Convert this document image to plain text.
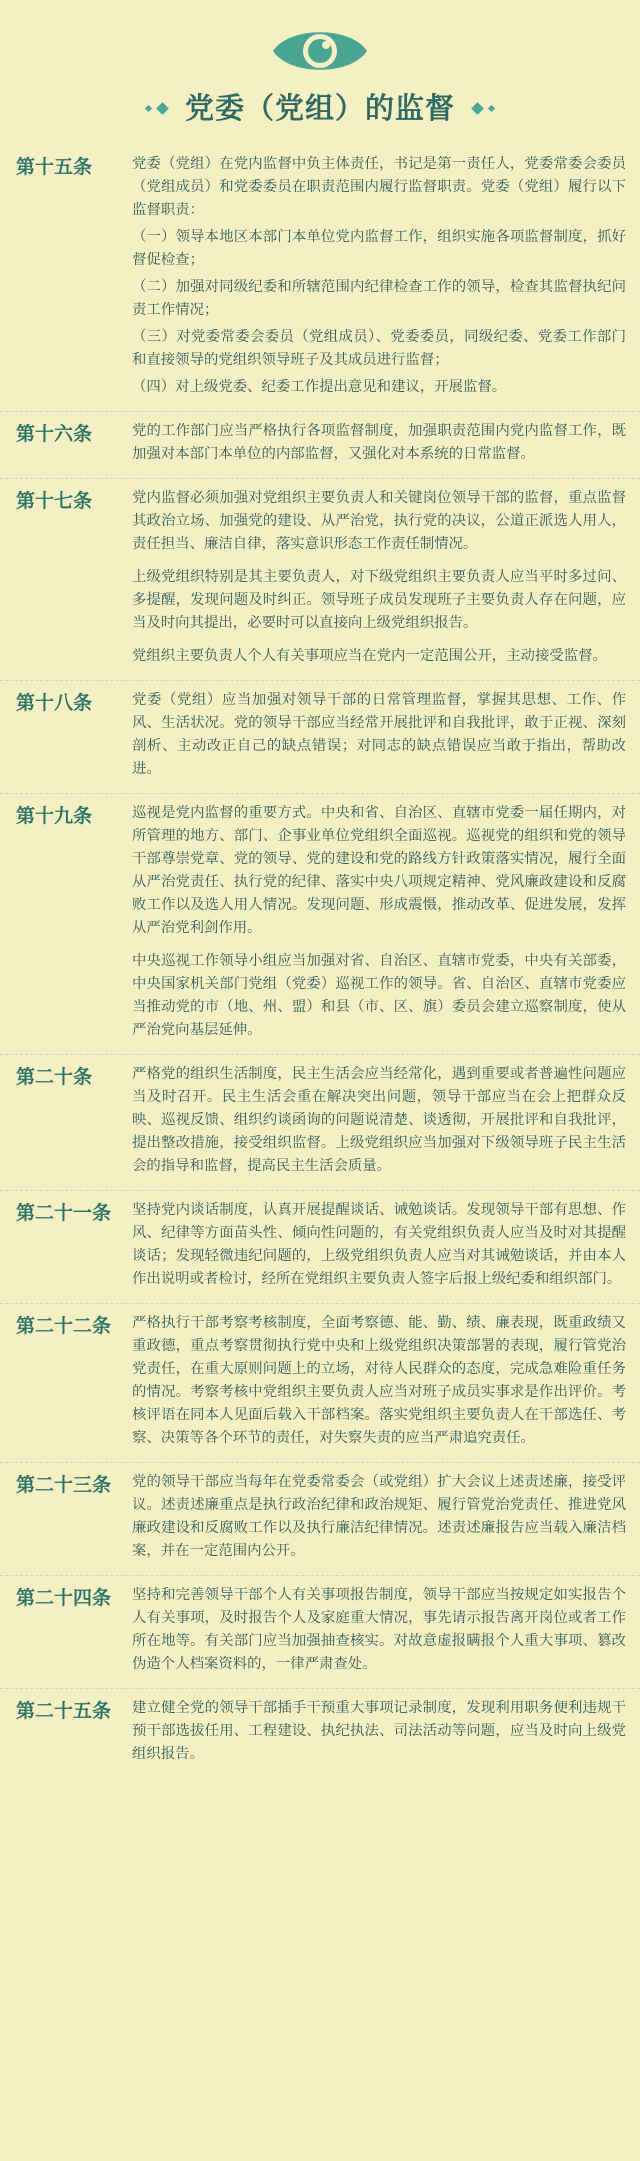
党委（党组）的监督
第十五条	党委（党组）在党内监督中负主体责任，书记是第一责任人，党委常委会委员（党组成员）和党委委员在职责范围内履行监督职责。党委（党组）履行以下监督职责：

（一）领导本地区本部门本单位党内监督工作，组织实施各项监督制度，抓好督促检查；

（二）加强对同级纪委和所辖范围内纪律检查工作的领导，检查其监督执纪问责工作情况；

（三）对党委常委会委员（党组成员）、党委委员，同级纪委、党委工作部门和直接领导的党组织领导班子及其成员进行监督；

（四）对上级党委、纪委工作提出意见和建议，开展监督。

第十六条	党的工作部门应当严格执行各项监督制度，加强职责范围内党内监督工作，既加强对本部门本单位的内部监督，又强化对本系统的日常监督。

第十七条	党内监督必须加强对党组织主要负责人和关键岗位领导干部的监督，重点监督其政治立场、加强党的建设、从严治党，执行党的决议，公道正派选人用人，责任担当、廉洁自律，落实意识形态工作责任制情况。

上级党组织特别是其主要负责人，对下级党组织主要负责人应当平时多过问、多提醒，发现问题及时纠正。领导班子成员发现班子主要负责人存在问题，应当及时向其提出，必要时可以直接向上级党组织报告。

党组织主要负责人个人有关事项应当在党内一定范围公开，主动接受监督。

第十八条	党委（党组）应当加强对领导干部的日常管理监督，掌握其思想、工作、作风、生活状况。党的领导干部应当经常开展批评和自我批评，敢于正视、深刻剖析、主动改正自己的缺点错误；对同志的缺点错误应当敢于指出，帮助改进。

第十九条	巡视是党内监督的重要方式。中央和省、自治区、直辖市党委一届任期内，对所管理的地方、部门、企事业单位党组织全面巡视。巡视党的组织和党的领导干部尊崇党章、党的领导、党的建设和党的路线方针政策落实情况，履行全面从严治党责任、执行党的纪律、落实中央八项规定精神、党风廉政建设和反腐败工作以及选人用人情况。发现问题、形成震慑，推动改革、促进发展，发挥从严治党利剑作用。

中央巡视工作领导小组应当加强对省、自治区、直辖市党委，中央有关部委，中央国家机关部门党组（党委）巡视工作的领导。省、自治区、直辖市党委应当推动党的市（地、州、盟）和县（市、区、旗）委员会建立巡察制度，使从严治党向基层延伸。

第二十条	严格党的组织生活制度，民主生活会应当经常化，遇到重要或者普遍性问题应当及时召开。民主生活会重在解决突出问题，领导干部应当在会上把群众反映、巡视反馈、组织约谈函询的问题说清楚、谈透彻，开展批评和自我批评，提出整改措施，接受组织监督。上级党组织应当加强对下级领导班子民主生活会的指导和监督，提高民主生活会质量。

第二十一条	坚持党内谈话制度，认真开展提醒谈话、诫勉谈话。发现领导干部有思想、作风、纪律等方面苗头性、倾向性问题的，有关党组织负责人应当及时对其提醒谈话；发现轻微违纪问题的，上级党组织负责人应当对其诫勉谈话，并由本人作出说明或者检讨，经所在党组织主要负责人签字后报上级纪委和组织部门。

第二十二条	严格执行干部考察考核制度，全面考察德、能、勤、绩、廉表现，既重政绩又重政德，重点考察贯彻执行党中央和上级党组织决策部署的表现，履行管党治党责任，在重大原则问题上的立场，对待人民群众的态度，完成急难险重任务的情况。考察考核中党组织主要负责人应当对班子成员实事求是作出评价。考核评语在同本人见面后载入干部档案。落实党组织主要负责人在干部选任、考察、决策等各个环节的责任，对失察失责的应当严肃追究责任。

第二十三条	党的领导干部应当每年在党委常委会（或党组）扩大会议上述责述廉，接受评议。述责述廉重点是执行政治纪律和政治规矩、履行管党治党责任、推进党风廉政建设和反腐败工作以及执行廉洁纪律情况。述责述廉报告应当载入廉洁档案，并在一定范围内公开。

第二十四条	坚持和完善领导干部个人有关事项报告制度，领导干部应当按规定如实报告个人有关事项，及时报告个人及家庭重大情况，事先请示报告离开岗位或者工作所在地等。有关部门应当加强抽查核实。对故意虚报瞒报个人重大事项、篡改伪造个人档案资料的，一律严肃查处。

第二十五条	建立健全党的领导干部插手干预重大事项记录制度，发现利用职务便利违规干预干部选拔任用、工程建设、执纪执法、司法活动等问题，应当及时向上级党组织报告。
